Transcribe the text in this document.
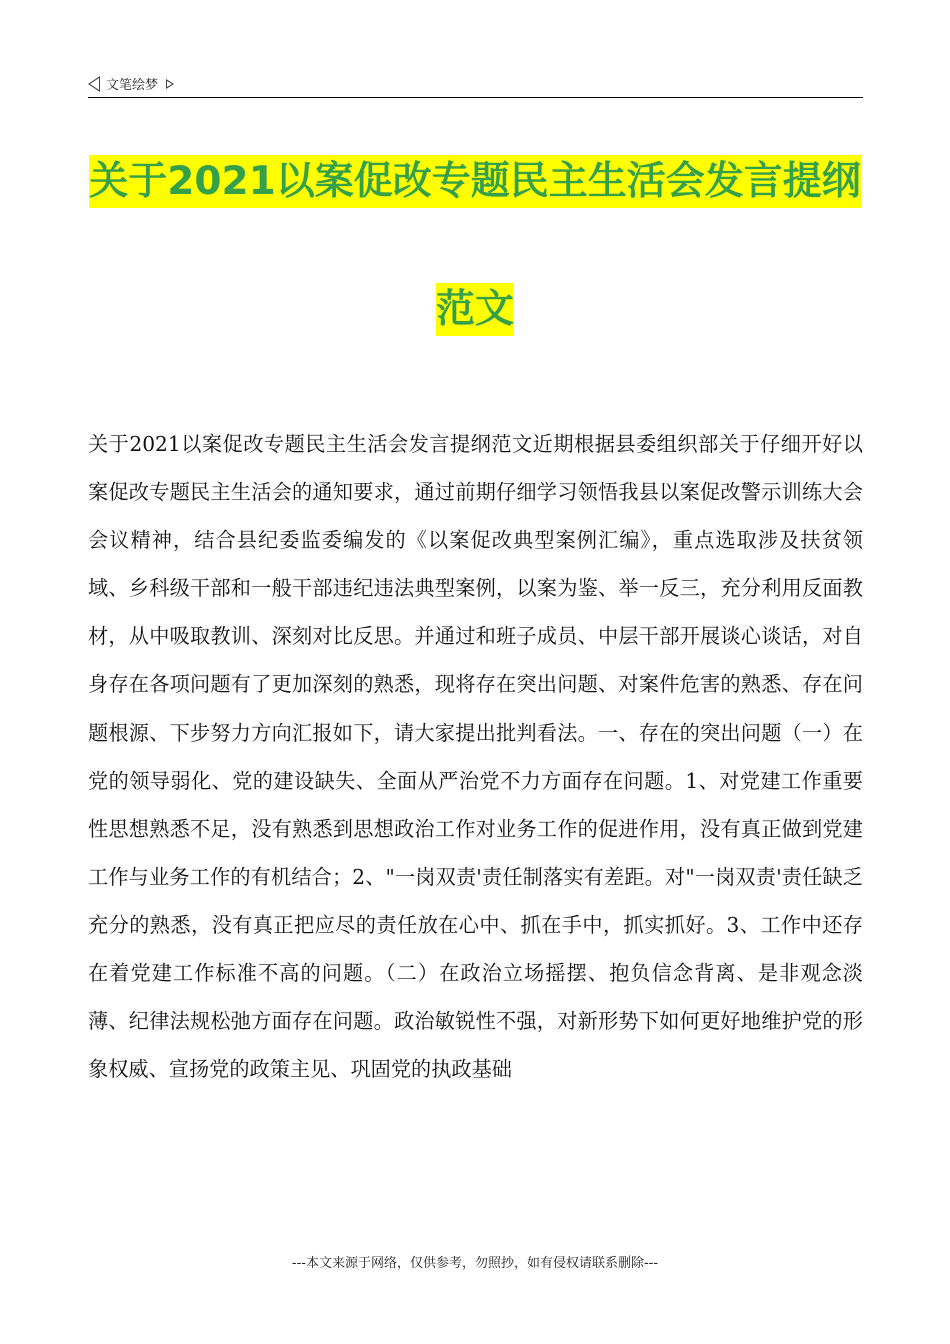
文笔绘梦
关于2021以案促改专题民主生活会发言提纲
范文

关于2021以案促改专题民主生活会发言提纲范文近期根据县委组织部关于仔细开好以案促改专题民主生活会的通知要求，通过前期仔细学习领悟我县以案促改警示训练大会会议精神，结合县纪委监委编发的《以案促改典型案例汇编》，重点选取涉及扶贫领域、乡科级干部和一般干部违纪违法典型案例，以案为鉴、举一反三，充分利用反面教材，从中吸取教训、深刻对比反思。并通过和班子成员、中层干部开展谈心谈话，对自身存在各项问题有了更加深刻的熟悉，现将存在突出问题、对案件危害的熟悉、存在问题根源、下步努力方向汇报如下，请大家提出批判看法。一、存在的突出问题（一）在党的领导弱化、党的建设缺失、全面从严治党不力方面存在问题。1、对党建工作重要性思想熟悉不足，没有熟悉到思想政治工作对业务工作的促进作用，没有真正做到党建工作与业务工作的有机结合；2、"一岗双责'责任制落实有差距。对"一岗双责'责任缺乏充分的熟悉，没有真正把应尽的责任放在心中、抓在手中，抓实抓好。3、工作中还存在着党建工作标准不高的问题。（二）在政治立场摇摆、抱负信念背离、是非观念淡薄、纪律法规松弛方面存在问题。政治敏锐性不强，对新形势下如何更好地维护党的形象权威、宣扬党的政策主见、巩固党的执政基础

---本文来源于网络，仅供参考，勿照抄，如有侵权请联系删除---
